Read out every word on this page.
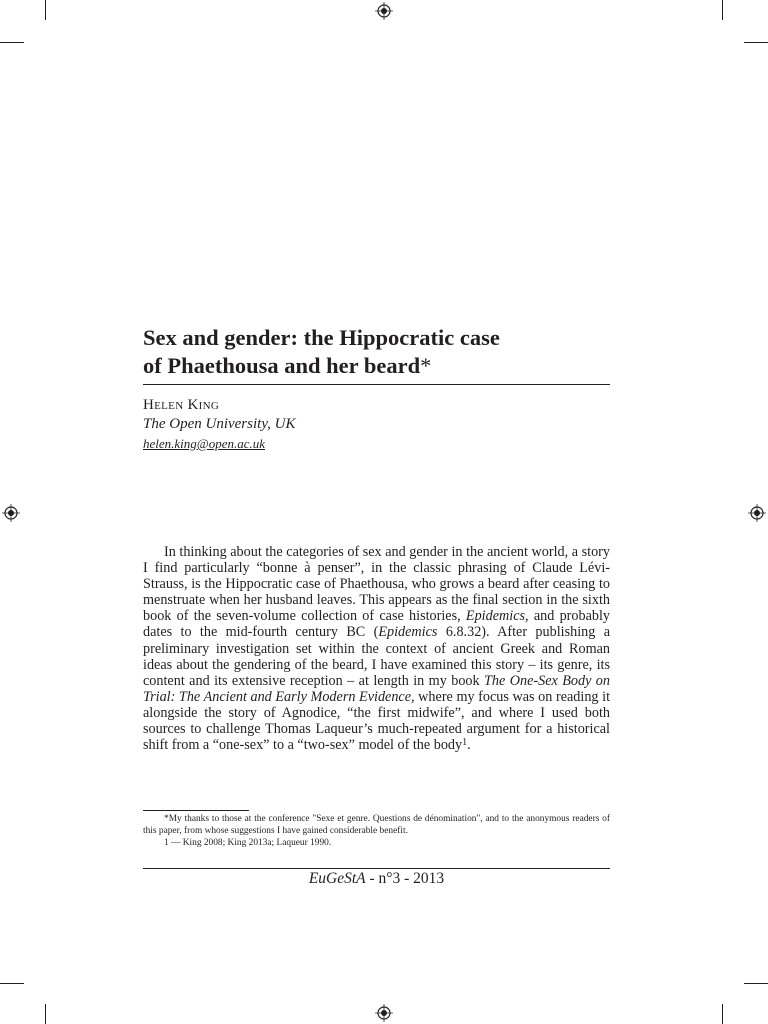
Sex and gender: the Hippocratic case
of Phaethousa and her beard*
Helen King
The Open University, UK
helen.king@open.ac.uk

In thinking about the categories of sex and gender in the ancient world, a story I find particularly “bonne à penser”, in the classic phrasing of Claude Lévi-Strauss, is the Hippocratic case of Phaethousa, who grows a beard after ceasing to menstruate when her husband leaves. This appears as the final section in the sixth book of the seven-volume collection of case histories, Epidemics, and probably dates to the mid-fourth century BC (Epidemics 6.8.32). After publishing a preliminary investigation set within the context of ancient Greek and Roman ideas about the gendering of the beard, I have examined this story – its genre, its content and its extensive reception – at length in my book The One-Sex Body on Trial: The Ancient and Early Modern Evidence, where my focus was on reading it alongside the story of Agnodice, “the first midwife”, and where I used both sources to challenge Thomas Laqueur’s much-repeated argument for a historical shift from a “one-sex” to a “two-sex” model of the body$^1$.

*My thanks to those at the conference "Sexe et genre. Questions de dénomination", and to the anonymous readers of this paper, from whose suggestions I have gained considerable benefit.

1 — King 2008; King 2013a; Laqueur 1990.

EuGeStA - n°3 - 2013
